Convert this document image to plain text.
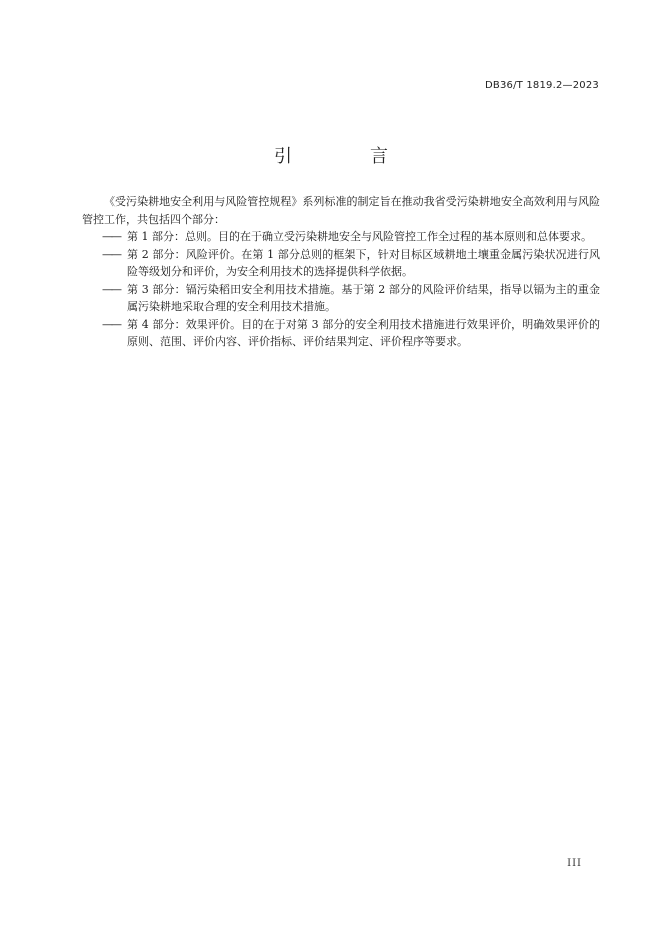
DB36/T 1819.2—2023
引　言

《受污染耕地安全利用与风险管控规程》系列标准的制定旨在推动我省受污染耕地安全高效利用与风险管控工作，共包括四个部分：

—— 第 1 部分：总则。目的在于确立受污染耕地安全与风险管控工作全过程的基本原则和总体要求。
—— 第 2 部分：风险评价。在第 1 部分总则的框架下，针对目标区域耕地土壤重金属污染状况进行风险等级划分和评价，为安全利用技术的选择提供科学依据。
—— 第 3 部分：镉污染稻田安全利用技术措施。基于第 2 部分的风险评价结果，指导以镉为主的重金属污染耕地采取合理的安全利用技术措施。
—— 第 4 部分：效果评价。目的在于对第 3 部分的安全利用技术措施进行效果评价，明确效果评价的原则、范围、评价内容、评价指标、评价结果判定、评价程序等要求。
III
